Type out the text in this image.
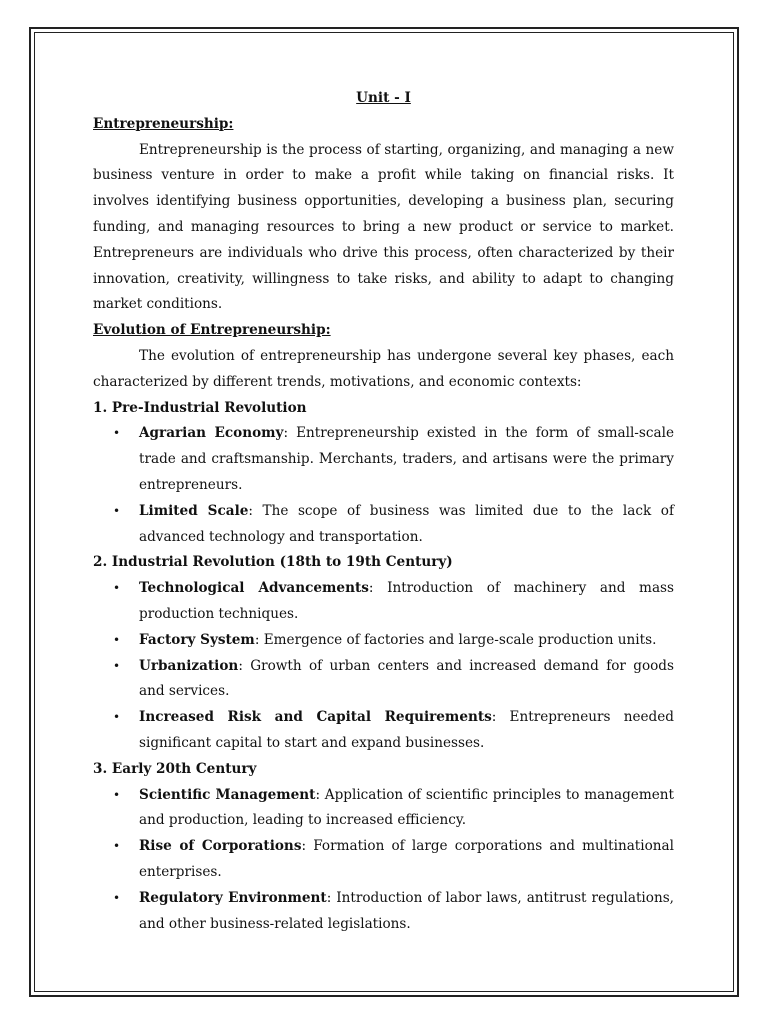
Unit - I
Entrepreneurship:
Entrepreneurship is the process of starting, organizing, and managing a new business venture in order to make a profit while taking on financial risks. It involves identifying business opportunities, developing a business plan, securing funding, and managing resources to bring a new product or service to market. Entrepreneurs are individuals who drive this process, often characterized by their innovation, creativity, willingness to take risks, and ability to adapt to changing market conditions.
Evolution of Entrepreneurship:
The evolution of entrepreneurship has undergone several key phases, each characterized by different trends, motivations, and economic contexts:
1. Pre-Industrial Revolution
• Agrarian Economy: Entrepreneurship existed in the form of small-scale trade and craftsmanship. Merchants, traders, and artisans were the primary entrepreneurs.
• Limited Scale: The scope of business was limited due to the lack of advanced technology and transportation.
2. Industrial Revolution (18th to 19th Century)
• Technological Advancements: Introduction of machinery and mass production techniques.
• Factory System: Emergence of factories and large-scale production units.
• Urbanization: Growth of urban centers and increased demand for goods and services.
• Increased Risk and Capital Requirements: Entrepreneurs needed significant capital to start and expand businesses.
3. Early 20th Century
• Scientific Management: Application of scientific principles to management and production, leading to increased efficiency.
• Rise of Corporations: Formation of large corporations and multinational enterprises.
• Regulatory Environment: Introduction of labor laws, antitrust regulations, and other business-related legislations.
